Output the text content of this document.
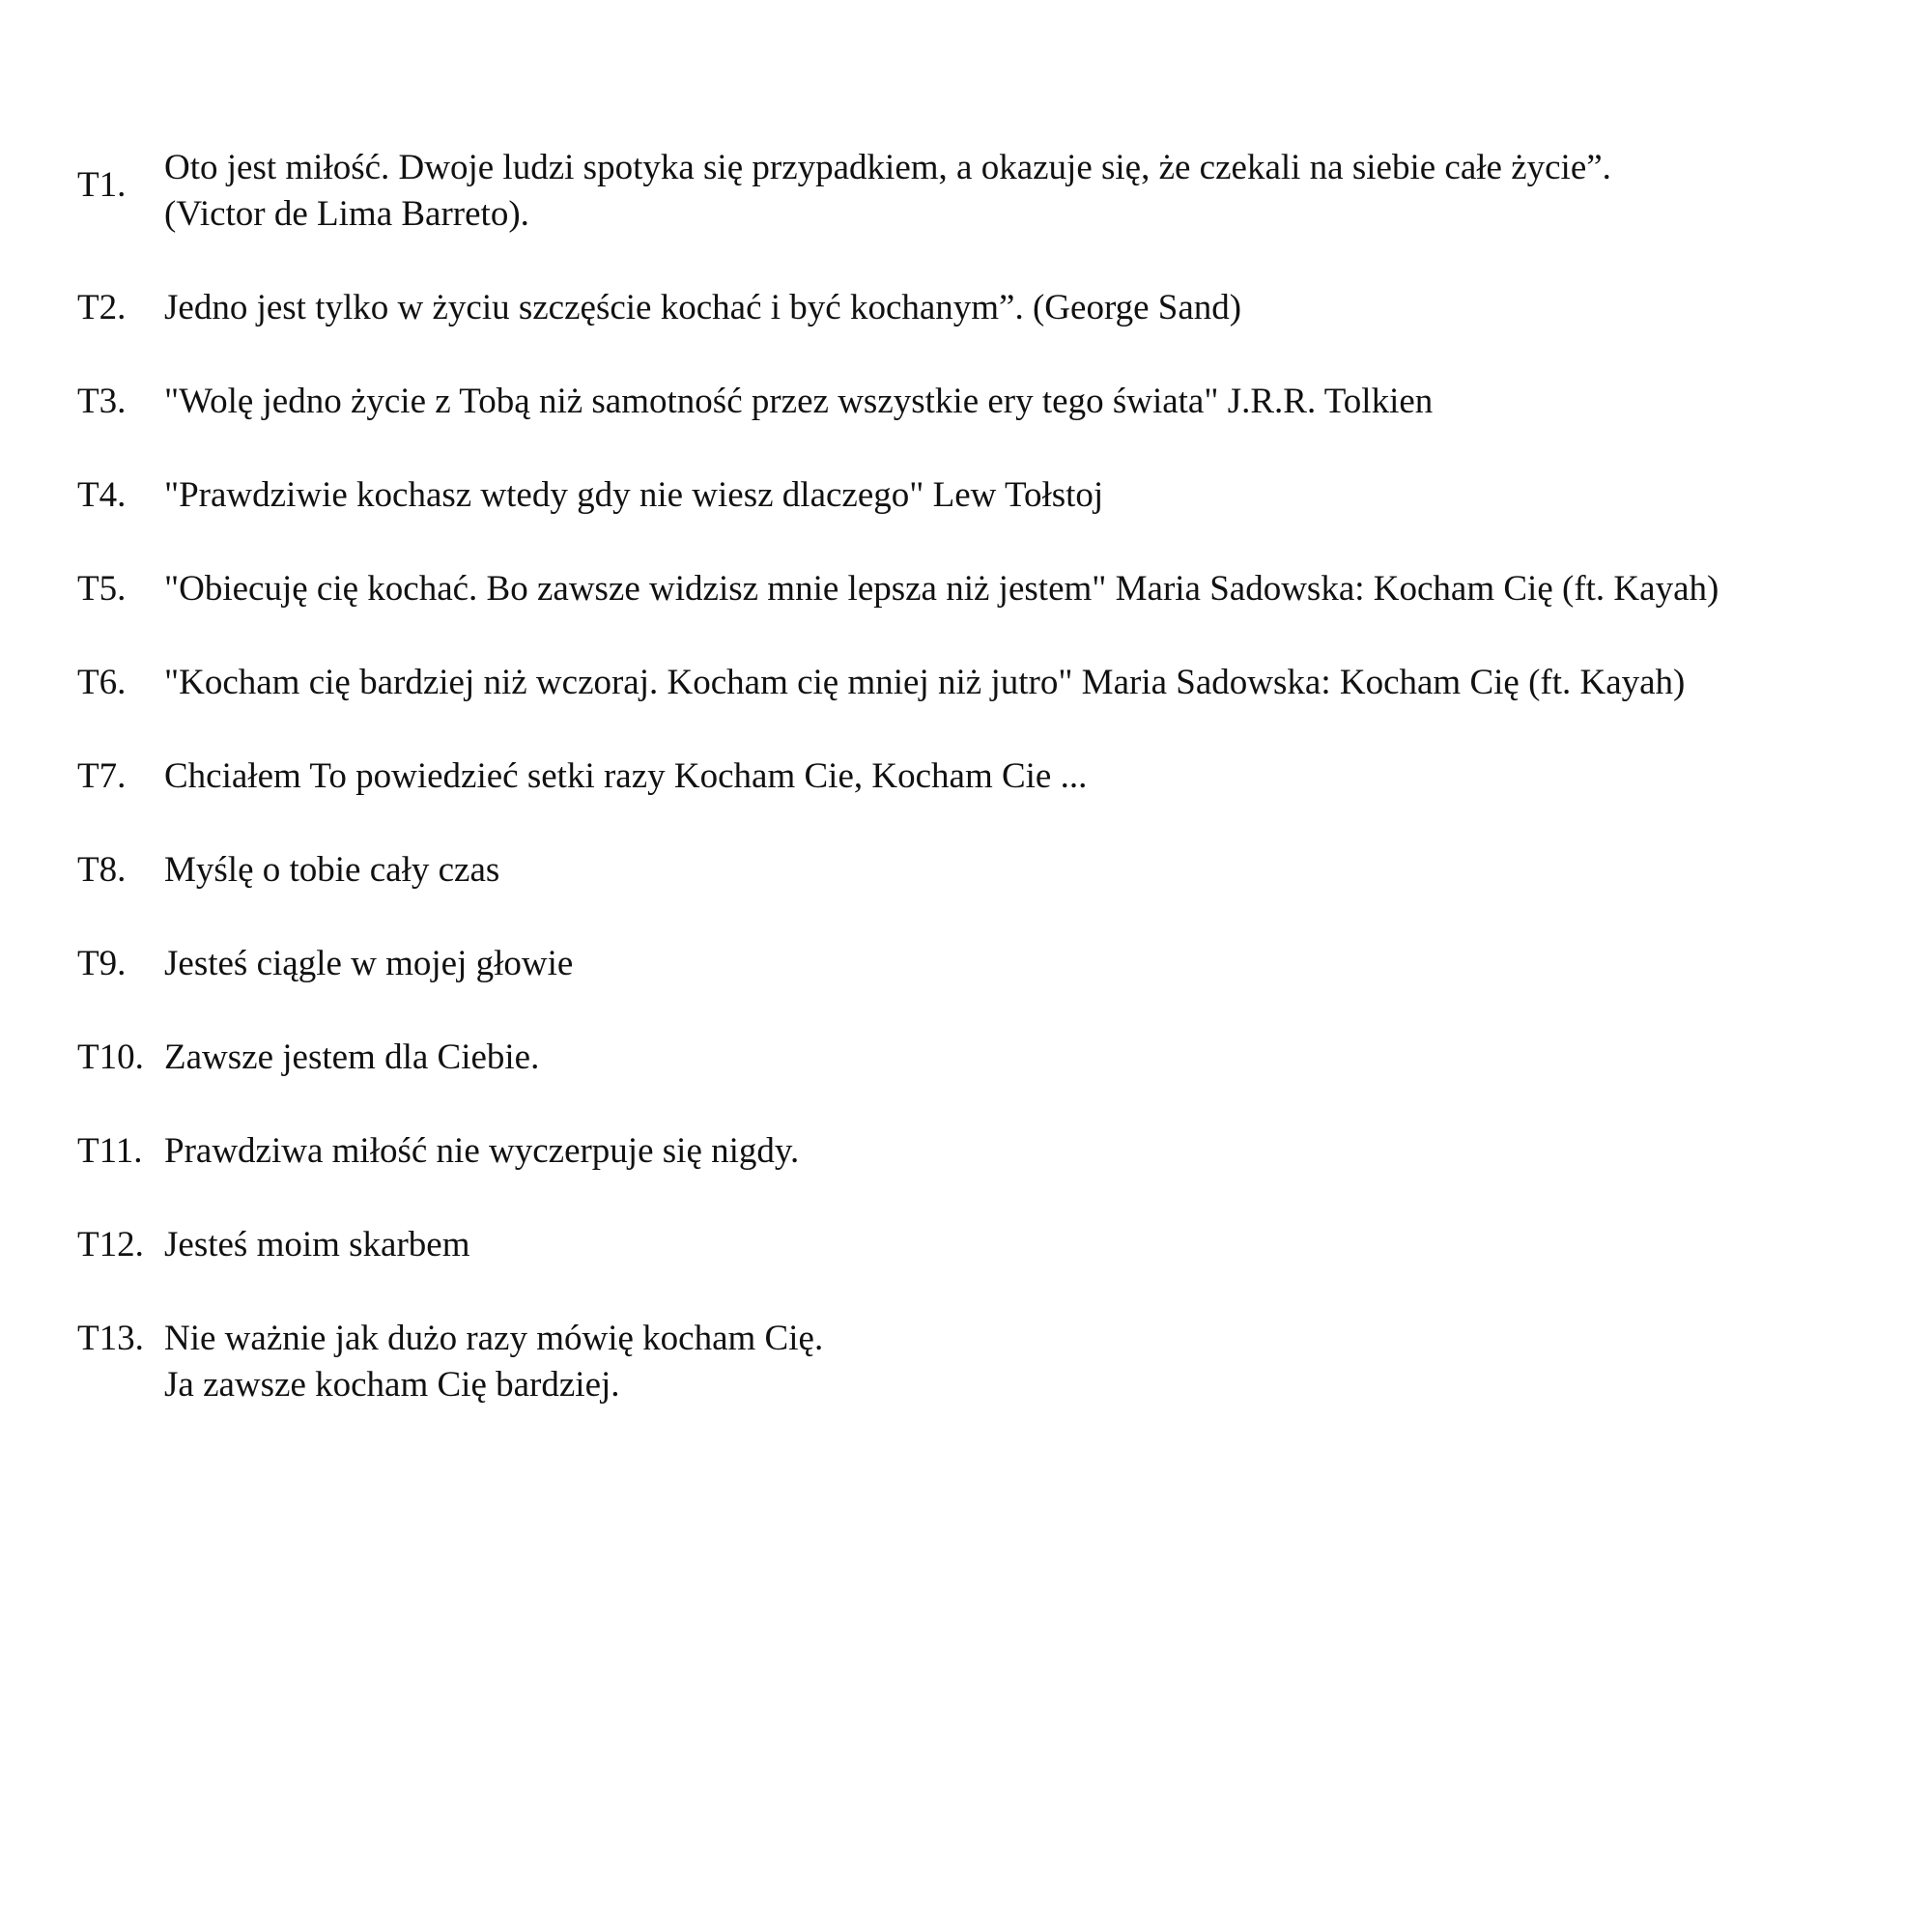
T1.	Oto jest miłość. Dwoje ludzi spotyka się przypadkiem, a okazuje się, że czekali na siebie całe życie”.
(Victor de Lima Barreto).
T2.	Jedno jest tylko w życiu szczęście kochać i być kochanym”. (George Sand)
T3.	"Wolę jedno życie z Tobą niż samotność przez wszystkie ery tego świata" J.R.R. Tolkien
T4.	"Prawdziwie kochasz wtedy gdy nie wiesz dlaczego" Lew Tołstoj
T5.	"Obiecuję cię kochać. Bo zawsze widzisz mnie lepsza niż jestem" Maria Sadowska: Kocham Cię (ft. Kayah)
T6.	"Kocham cię bardziej niż wczoraj. Kocham cię mniej niż jutro" Maria Sadowska: Kocham Cię (ft. Kayah)
T7.	Chciałem To powiedzieć setki razy Kocham Cie, Kocham Cie ...
T8.	Myślę o tobie cały czas
T9.	Jesteś ciągle w mojej głowie
T10. Zawsze jestem dla Ciebie.
T11. Prawdziwa miłość nie wyczerpuje się nigdy.
T12. Jesteś moim skarbem
T13. Nie ważnie jak dużo razy mówię kocham Cię.
Ja zawsze kocham Cię bardziej.
